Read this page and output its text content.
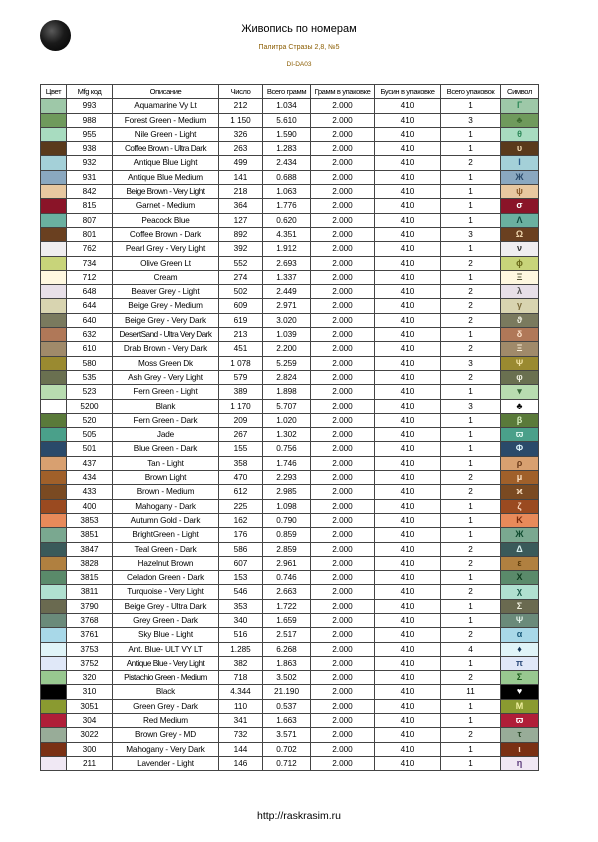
Живопись по номерам
Палитра Стразы 2,8, №5
DI-DA03
Цвет	Mfg код	Описание	Число	Всего грамм	Грамм в упаковке	Бусин в упаковке	Всего упаковок	Символ
	993	Aquamarine Vy Lt	212	1.034	2.000	410	1	Г
	988	Forest Green - Medium	1 150	5.610	2.000	410	3	♣
	955	Nile Green - Light	326	1.590	2.000	410	1	θ
	938	Coffee Brown - Ultra Dark	263	1.283	2.000	410	1	υ
	932	Antique Blue Light	499	2.434	2.000	410	2	Ι
	931	Antique Blue Medium	141	0.688	2.000	410	1	Ж
	842	Beige Brown - Very Light	218	1.063	2.000	410	1	ψ
	815	Garnet - Medium	364	1.776	2.000	410	1	σ
	807	Peacock Blue	127	0.620	2.000	410	1	Λ
	801	Coffee Brown - Dark	892	4.351	2.000	410	3	Ω
	762	Pearl Grey - Very Light	392	1.912	2.000	410	1	ν
	734	Olive Green Lt	552	2.693	2.000	410	2	ϕ
	712	Cream	274	1.337	2.000	410	1	Ξ
	648	Beaver Grey - Light	502	2.449	2.000	410	2	λ
	644	Beige Grey - Medium	609	2.971	2.000	410	2	γ
	640	Beige Grey - Very Dark	619	3.020	2.000	410	2	ϑ
	632	DesertSand - Ultra Very Dark	213	1.039	2.000	410	1	δ
	610	Drab Brown - Very Dark	451	2.200	2.000	410	2	Ξ
	580	Moss Green Dk	1 078	5.259	2.000	410	3	Ψ
	535	Ash Grey - Very Light	579	2.824	2.000	410	2	φ
	523	Fern Green - Light	389	1.898	2.000	410	1	▾
	5200	Blank	1 170	5.707	2.000	410	3	♣
	520	Fern Green - Dark	209	1.020	2.000	410	1	β
	505	Jade	267	1.302	2.000	410	1	ϖ
	501	Blue Green - Dark	155	0.756	2.000	410	1	Φ
	437	Tan - Light	358	1.746	2.000	410	1	ρ
	434	Brown Light	470	2.293	2.000	410	2	μ
	433	Brown - Medium	612	2.985	2.000	410	2	ϰ
	400	Mahogany - Dark	225	1.098	2.000	410	1	ζ
	3853	Autumn Gold - Dark	162	0.790	2.000	410	1	Κ
	3851	BrightGreen - Light	176	0.859	2.000	410	1	Ж
	3847	Teal Green - Dark	586	2.859	2.000	410	2	Δ
	3828	Hazelnut Brown	607	2.961	2.000	410	2	ε
	3815	Celadon Green - Dark	153	0.746	2.000	410	1	Χ
	3811	Turquoise - Very Light	546	2.663	2.000	410	2	χ
	3790	Beige Grey - Ultra Dark	353	1.722	2.000	410	1	Σ
	3768	Grey Green - Dark	340	1.659	2.000	410	1	Ψ
	3761	Sky Blue - Light	516	2.517	2.000	410	2	α
	3753	Ant. Blue- ULT VY LT	1.285	6.268	2.000	410	4	♦
	3752	Antique Blue - Very Light	382	1.863	2.000	410	1	π
	320	Pistachio Green - Medium	718	3.502	2.000	410	2	Σ
	310	Black	4.344	21.190	2.000	410	11	♥
	3051	Green Grey - Dark	110	0.537	2.000	410	1	Μ
	304	Red Medium	341	1.663	2.000	410	1	ϖ
	3022	Brown Grey - MD	732	3.571	2.000	410	2	τ
	300	Mahogany - Very Dark	144	0.702	2.000	410	1	ι
	211	Lavender - Light	146	0.712	2.000	410	1	η
http://raskrasim.ru
